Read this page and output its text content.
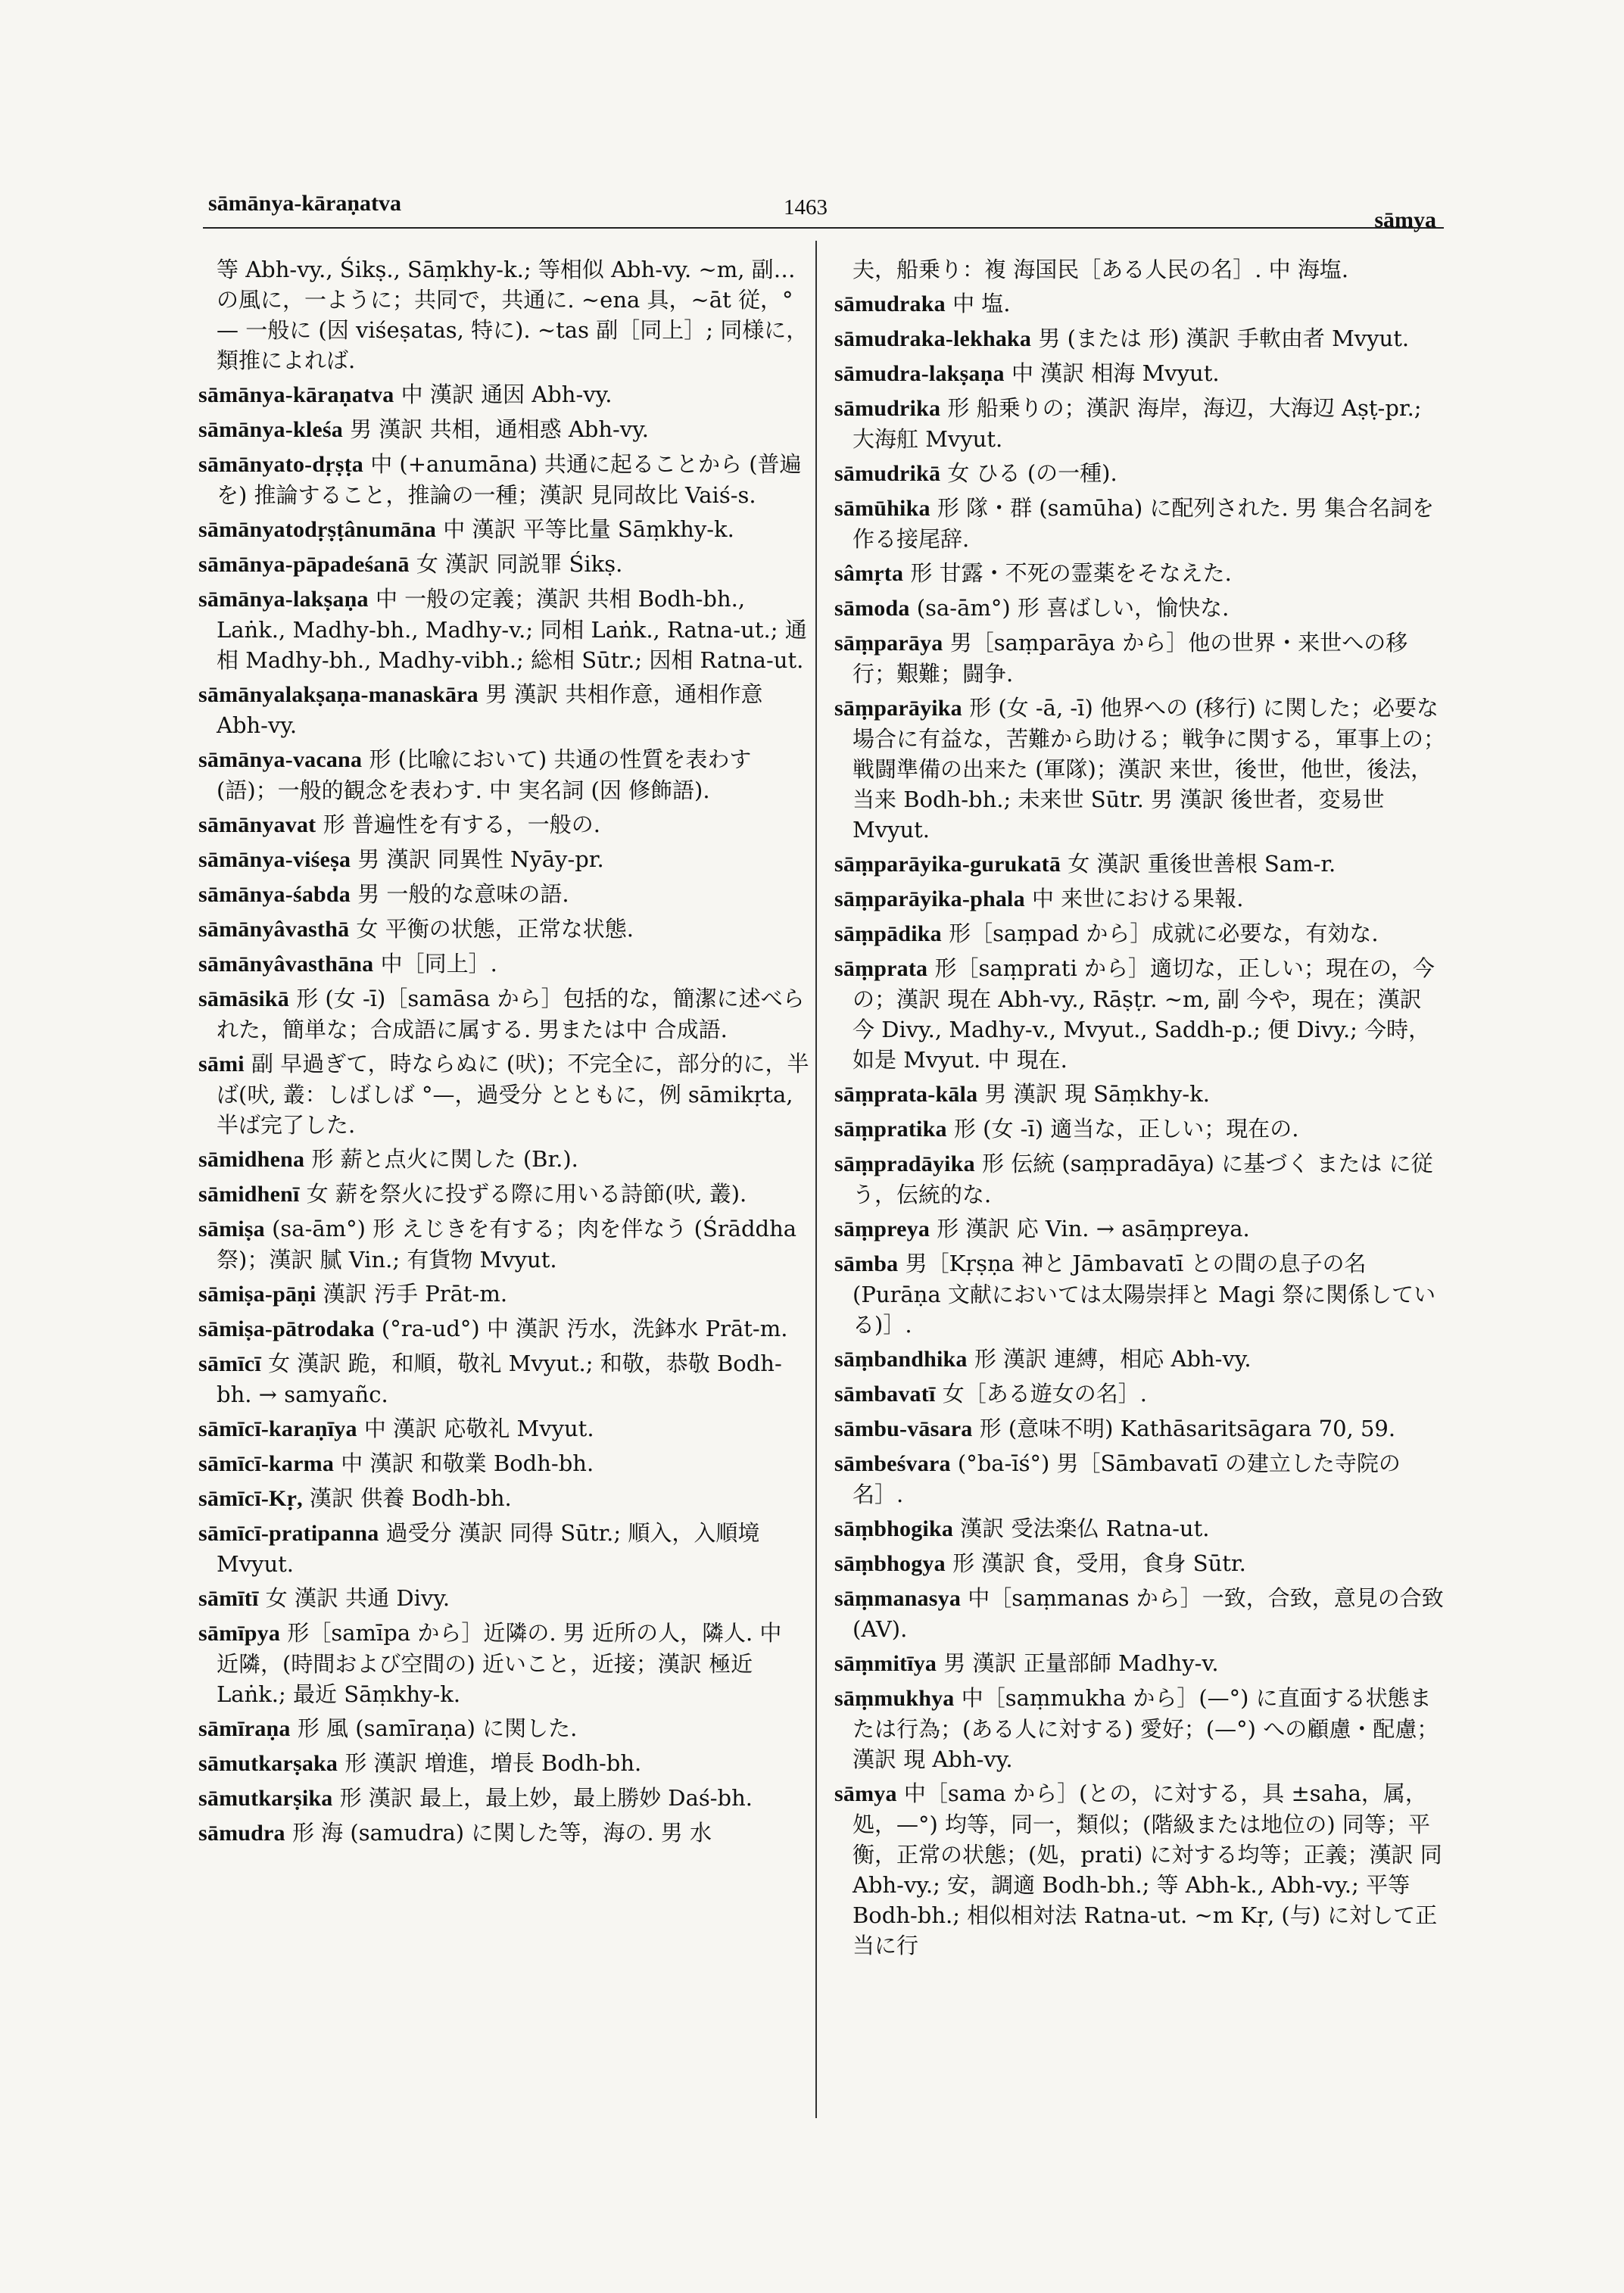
sāmānya-kāraṇatva	1463	sāmya

等 Abh-vy., Śikṣ., Sāṃkhy-k.; 等相似 Abh-vy. ~m, 副…の風に，一ように；共同で，共通に. ~ena 具，~āt 従，°— 一般に (因 viśeṣatas, 特に). ~tas 副［同上］; 同様に，類推によれば.

sāmānya-kāraṇatva 中 漢訳 通因 Abh-vy.

sāmānya-kleśa 男 漢訳 共相，通相惑 Abh-vy.

sāmānyato-dṛṣṭa 中 (+anumāna) 共通に起ることから (普遍を) 推論すること，推論の一種；漢訳 見同故比 Vaiś-s.

sāmānyatodṛṣṭânumāna 中 漢訳 平等比量 Sāṃkhy-k.

sāmānya-pāpadeśanā 女 漢訳 同説罪 Śikṣ.

sāmānya-lakṣaṇa 中 一般の定義；漢訳 共相 Bodh-bh., Laṅk., Madhy-bh., Madhy-v.; 同相 Laṅk., Ratna-ut.; 通相 Madhy-bh., Madhy-vibh.; 総相 Sūtr.; 因相 Ratna-ut.

sāmānyalakṣaṇa-manaskāra 男 漢訳 共相作意，通相作意 Abh-vy.

sāmānya-vacana 形 (比喩において) 共通の性質を表わす(語)；一般的観念を表わす. 中 実名詞 (因 修飾語).

sāmānyavat 形 普遍性を有する，一般の.

sāmānya-viśeṣa 男 漢訳 同異性 Nyāy-pr.

sāmānya-śabda 男 一般的な意味の語.

sāmānyâvasthā 女 平衡の状態，正常な状態.

sāmānyâvasthāna 中［同上］.

sāmāsikā 形 (女 -ī)［samāsa から］包括的な，簡潔に述べられた，簡単な；合成語に属する. 男または中 合成語.

sāmi 副 早過ぎて，時ならぬに (吠)；不完全に，部分的に，半ば(吠, 叢：しばしば °—，過受分 とともに，例 sāmikṛta, 半ば完了した.

sāmidhena 形 薪と点火に関した (Br.).

sāmidhenī 女 薪を祭火に投ずる際に用いる詩節(吠, 叢).

sāmiṣa (sa-ām°) 形 えじきを有する；肉を伴なう (Śrāddha 祭)；漢訳 腻 Vin.; 有貨物 Mvyut.

sāmiṣa-pāṇi 漢訳 汚手 Prāt-m.

sāmiṣa-pātrodaka (°ra-ud°) 中 漢訳 汚水，洗鉢水 Prāt-m.

sāmīcī 女 漢訳 跪，和順，敬礼 Mvyut.; 和敬，恭敬 Bodh-bh. → samyañc.

sāmīcī-karaṇīya 中 漢訳 応敬礼 Mvyut.

sāmīcī-karma 中 漢訳 和敬業 Bodh-bh.

sāmīcī-Kṛ, 漢訳 供養 Bodh-bh.

sāmīcī-pratipanna 過受分 漢訳 同得 Sūtr.; 順入，入順境 Mvyut.

sāmītī 女 漢訳 共通 Divy.

sāmīpya 形［samīpa から］近隣の. 男 近所の人，隣人. 中 近隣，(時間および空間の) 近いこと，近接；漢訳 極近 Laṅk.; 最近 Sāṃkhy-k.

sāmīraṇa 形 風 (samīraṇa) に関した.

sāmutkarṣaka 形 漢訳 増進，増長 Bodh-bh.

sāmutkarṣika 形 漢訳 最上，最上妙，最上勝妙 Daś-bh.

sāmudra 形 海 (samudra) に関した等，海の. 男 水

夫，船乗り：複 海国民［ある人民の名］. 中 海塩.

sāmudraka 中 塩.

sāmudraka-lekhaka 男 (または 形) 漢訳 手軟由者 Mvyut.

sāmudra-lakṣaṇa 中 漢訳 相海 Mvyut.

sāmudrika 形 船乗りの；漢訳 海岸，海辺，大海辺 Aṣṭ-pr.; 大海舡 Mvyut.

sāmudrikā 女 ひる (の一種).

sāmūhika 形 隊・群 (samūha) に配列された. 男 集合名詞を作る接尾辞.

sâmṛta 形 甘露・不死の霊薬をそなえた.

sāmoda (sa-ām°) 形 喜ばしい，愉快な.

sāṃparāya 男［saṃparāya から］他の世界・来世への移行；艱難；闘争.

sāṃparāyika 形 (女 -ā, -ī) 他界への (移行) に関した；必要な場合に有益な，苦難から助ける；戦争に関する，軍事上の；戦闘準備の出来た (軍隊)；漢訳 来世，後世，他世，後法，当来 Bodh-bh.; 未来世 Sūtr. 男 漢訳 後世者，変易世 Mvyut.

sāṃparāyika-gurukatā 女 漢訳 重後世善根 Sam-r.

sāṃparāyika-phala 中 来世における果報.

sāṃpādika 形［saṃpad から］成就に必要な，有効な.

sāṃprata 形［saṃprati から］適切な，正しい；現在の，今の；漢訳 現在 Abh-vy., Rāṣṭr. ~m, 副 今や，現在；漢訳 今 Divy., Madhy-v., Mvyut., Saddh-p.; 便 Divy.; 今時，如是 Mvyut. 中 現在.

sāṃprata-kāla 男 漢訳 現 Sāṃkhy-k.

sāṃpratika 形 (女 -ī) 適当な，正しい；現在の.

sāṃpradāyika 形 伝統 (saṃpradāya) に基づく または に従う，伝統的な.

sāṃpreya 形 漢訳 応 Vin. → asāṃpreya.

sāmba 男［Kṛṣṇa 神と Jāmbavatī との間の息子の名 (Purāṇa 文献においては太陽崇拝と Magi 祭に関係している)］.

sāṃbandhika 形 漢訳 連縛，相応 Abh-vy.

sāmbavatī 女［ある遊女の名］.

sāmbu-vāsara 形 (意味不明) Kathāsaritsāgara 70, 59.

sāmbeśvara (°ba-īś°) 男［Sāmbavatī の建立した寺院の名］.

sāṃbhogika 漢訳 受法楽仏 Ratna-ut.

sāṃbhogya 形 漢訳 食，受用，食身 Sūtr.

sāṃmanasya 中［saṃmanas から］一致，合致，意見の合致 (AV).

sāṃmitīya 男 漢訳 正量部師 Madhy-v.

sāṃmukhya 中［saṃmukha から］(—°) に直面する状態または行為；(ある人に対する) 愛好；(—°) への顧慮・配慮；漢訳 現 Abh-vy.

sāmya 中［sama から］(との，に対する，具 ±saha，属，処，—°) 均等，同一，類似；(階級または地位の) 同等；平衡，正常の状態；(処，prati) に対する均等；正義；漢訳 同 Abh-vy.; 安，調適 Bodh-bh.; 等 Abh-k., Abh-vy.; 平等 Bodh-bh.; 相似相対法 Ratna-ut. ~m Kṛ, (与) に対して正当に行
